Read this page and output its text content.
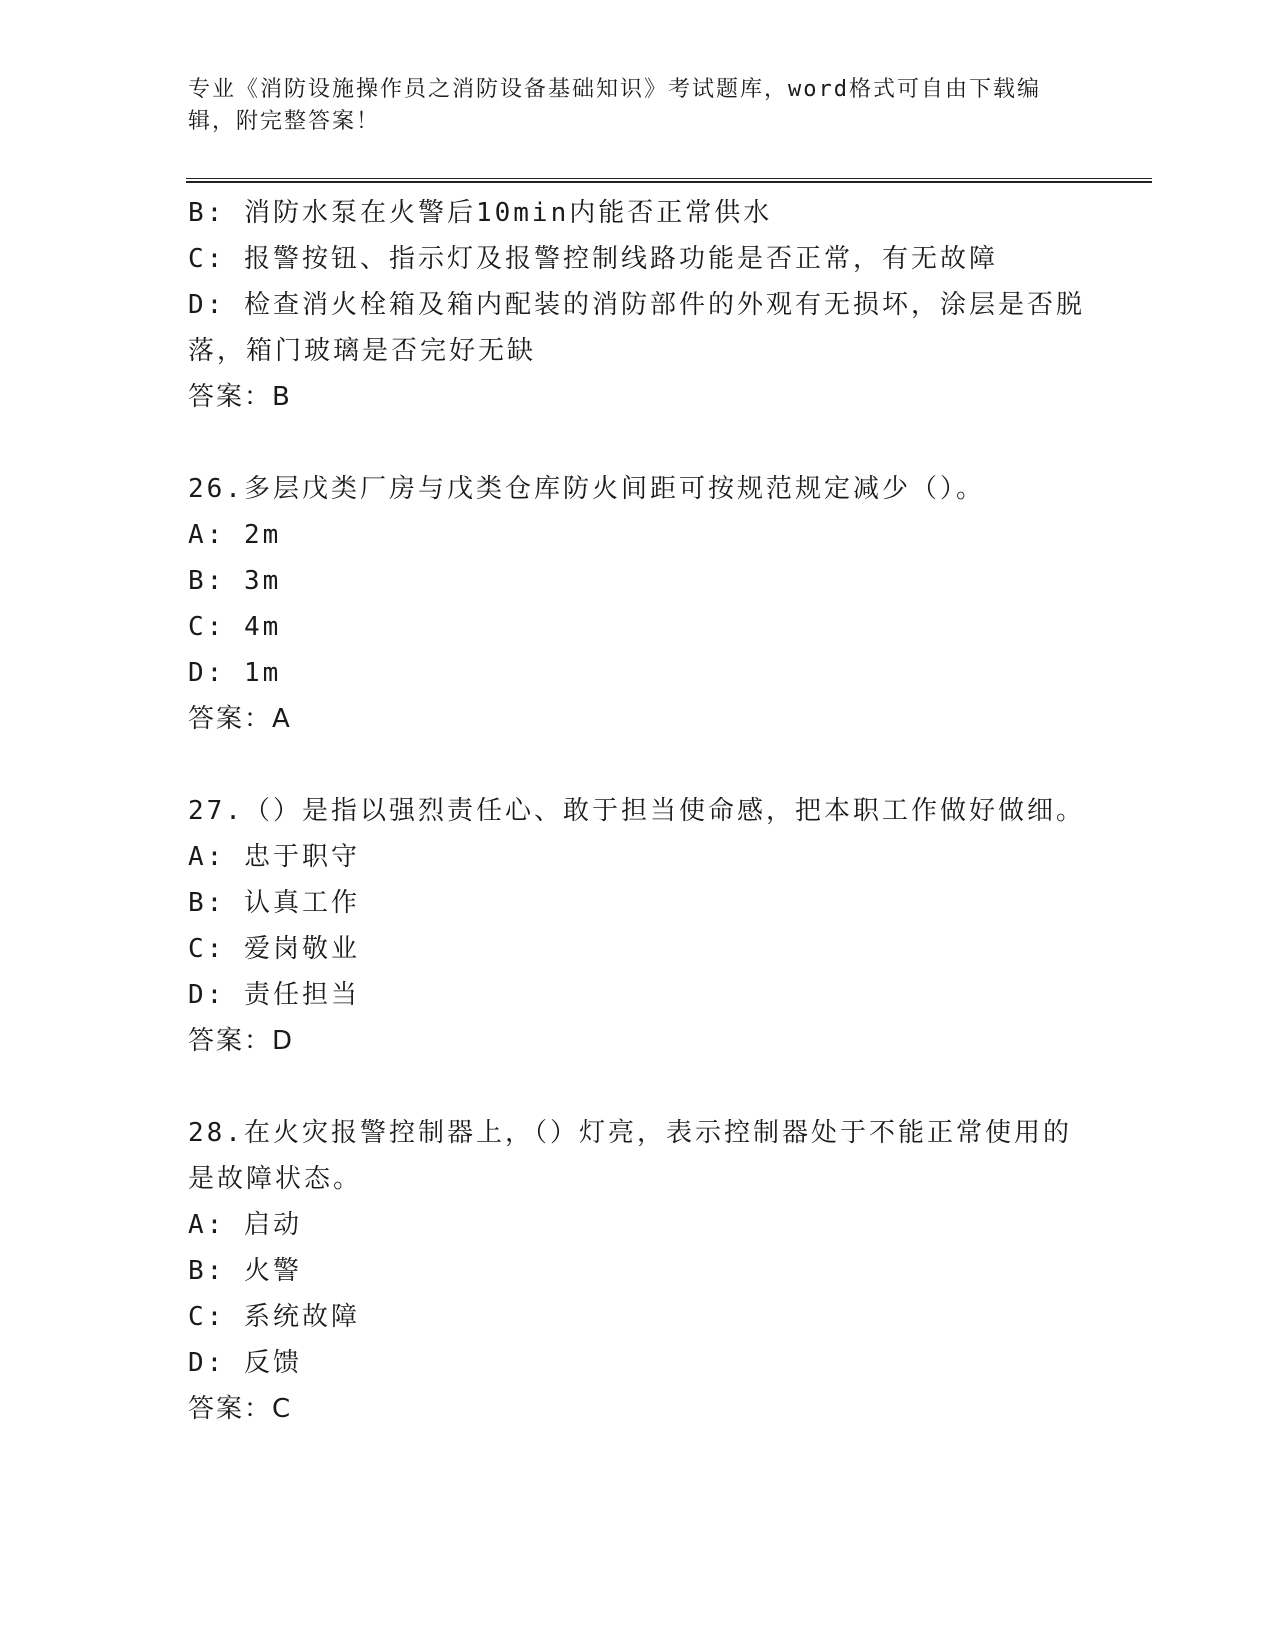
专业《消防设施操作员之消防设备基础知识》考试题库，word格式可自由下载编辑，附完整答案！
B: 消防水泵在火警后10min内能否正常供水
C: 报警按钮、指示灯及报警控制线路功能是否正常，有无故障
D: 检查消火栓箱及箱内配装的消防部件的外观有无损坏，涂层是否脱落，箱门玻璃是否完好无缺
答案：B
26.多层戊类厂房与戊类仓库防火间距可按规范规定减少（）。
A: 2m
B: 3m
C: 4m
D: 1m
答案：A
27.（）是指以强烈责任心、敢于担当使命感，把本职工作做好做细。
A: 忠于职守
B: 认真工作
C: 爱岗敬业
D: 责任担当
答案：D
28.在火灾报警控制器上，（）灯亮，表示控制器处于不能正常使用的是故障状态。
A: 启动
B: 火警
C: 系统故障
D: 反馈
答案：C
